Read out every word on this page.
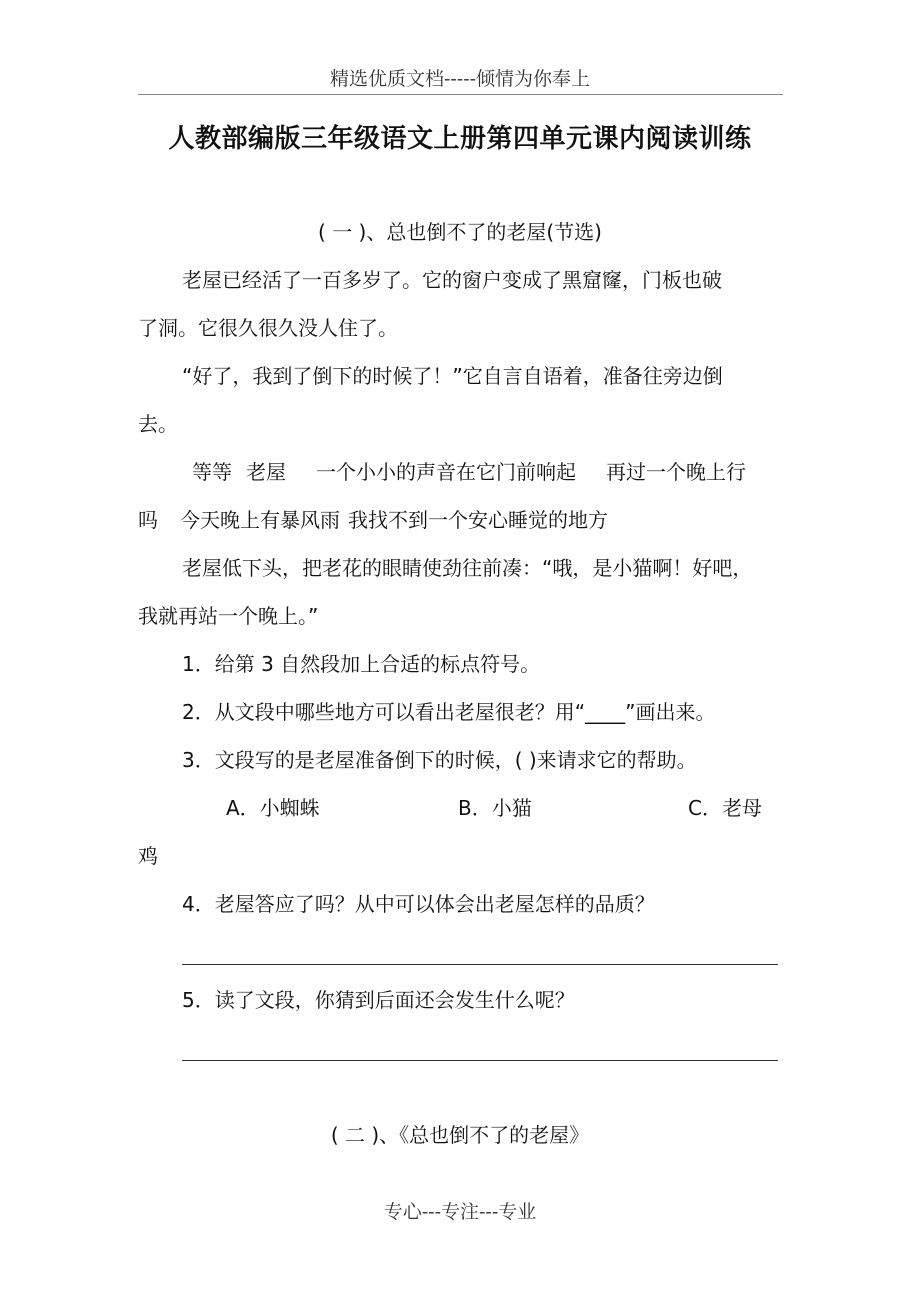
精选优质文档-----倾情为你奉上
人教部编版三年级语文上册第四单元课内阅读训练
( 一 )、总也倒不了的老屋(节选)
老屋已经活了一百多岁了。它的窗户变成了黑窟窿，门板也破
了洞。它很久很久没人住了。
“好了，我到了倒下的时候了！”它自言自语着，准备往旁边倒
去。
等等 老屋 一个小小的声音在它门前响起 再过一个晚上行
吗 今天晚上有暴风雨 我找不到一个安心睡觉的地方
老屋低下头，把老花的眼睛使劲往前凑：“哦，是小猫啊！好吧，
我就再站一个晚上。”
1．给第 3 自然段加上合适的标点符号。
2．从文段中哪些地方可以看出老屋很老？用“____”画出来。
3．文段写的是老屋准备倒下的时候，( )来请求它的帮助。
A．小蜘蛛	B．小猫	C．老母
鸡
4．老屋答应了吗？从中可以体会出老屋怎样的品质？
5．读了文段，你猜到后面还会发生什么呢？
( 二 )、《总也倒不了的老屋》
专心---专注---专业
